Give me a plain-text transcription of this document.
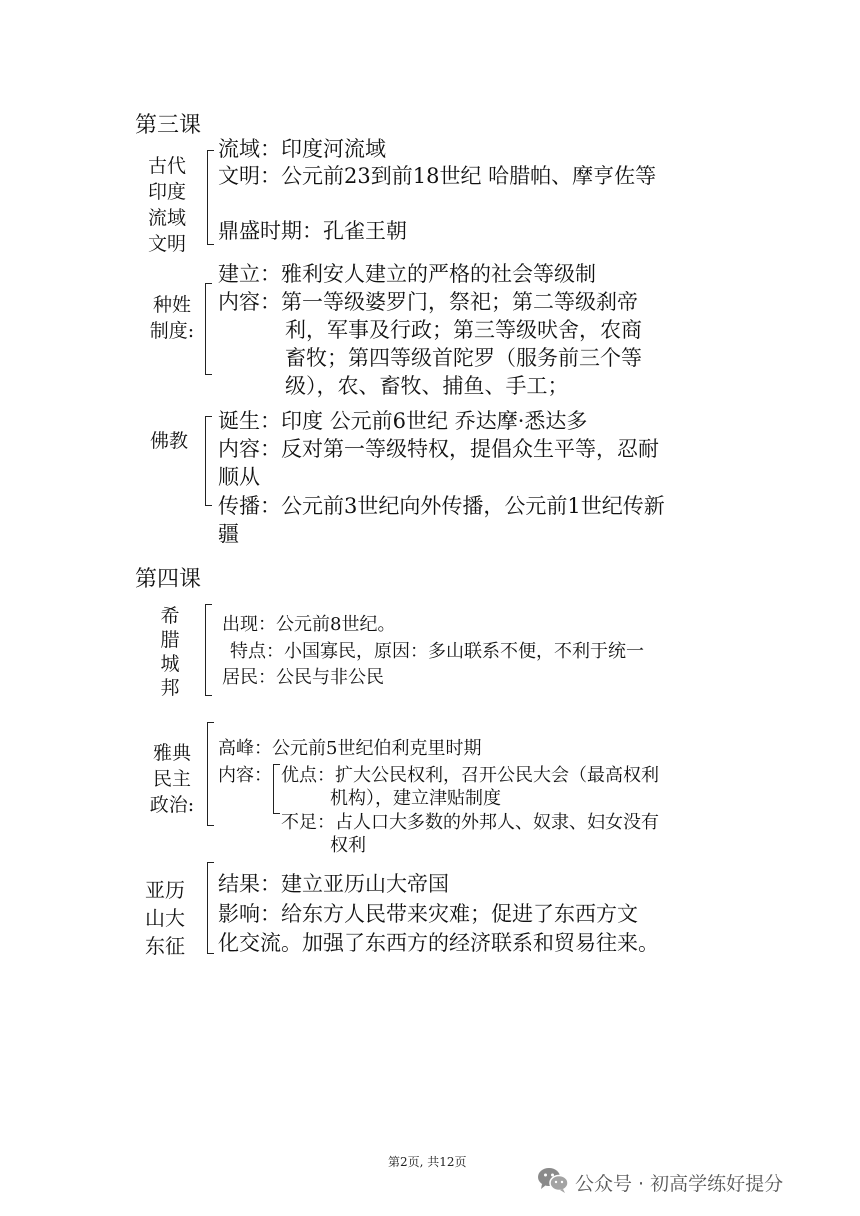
第三课
古代
印度
流域
文明
流域：印度河流域
文明：公元前23到前18世纪 哈腊帕、摩亨佐等
鼎盛时期：孔雀王朝
种姓
制度:
建立：雅利安人建立的严格的社会等级制
内容：第一等级婆罗门，祭祀；第二等级刹帝
利，军事及行政；第三等级吠舍，农商
畜牧；第四等级首陀罗（服务前三个等
级），农、畜牧、捕鱼、手工；
佛教
诞生：印度 公元前6世纪 乔达摩·悉达多
内容：反对第一等级特权，提倡众生平等，忍耐
顺从
传播：公元前3世纪向外传播，公元前1世纪传新
疆
第四课
希
腊
城
邦
出现：公元前8世纪。
特点：小国寡民，原因：多山联系不便，不利于统一
居民：公民与非公民
雅典
民主
政治:
高峰：公元前5世纪伯利克里时期
内容： 优点：扩大公民权利，召开公民大会（最高权利
机构），建立津贴制度
不足：占人口大多数的外邦人、奴隶、妇女没有
权利
亚历
山大
东征
结果：建立亚历山大帝国
影响：给东方人民带来灾难；促进了东西方文
化交流。加强了东西方的经济联系和贸易往来。
第2页, 共12页
公众号 · 初高学练好提分
